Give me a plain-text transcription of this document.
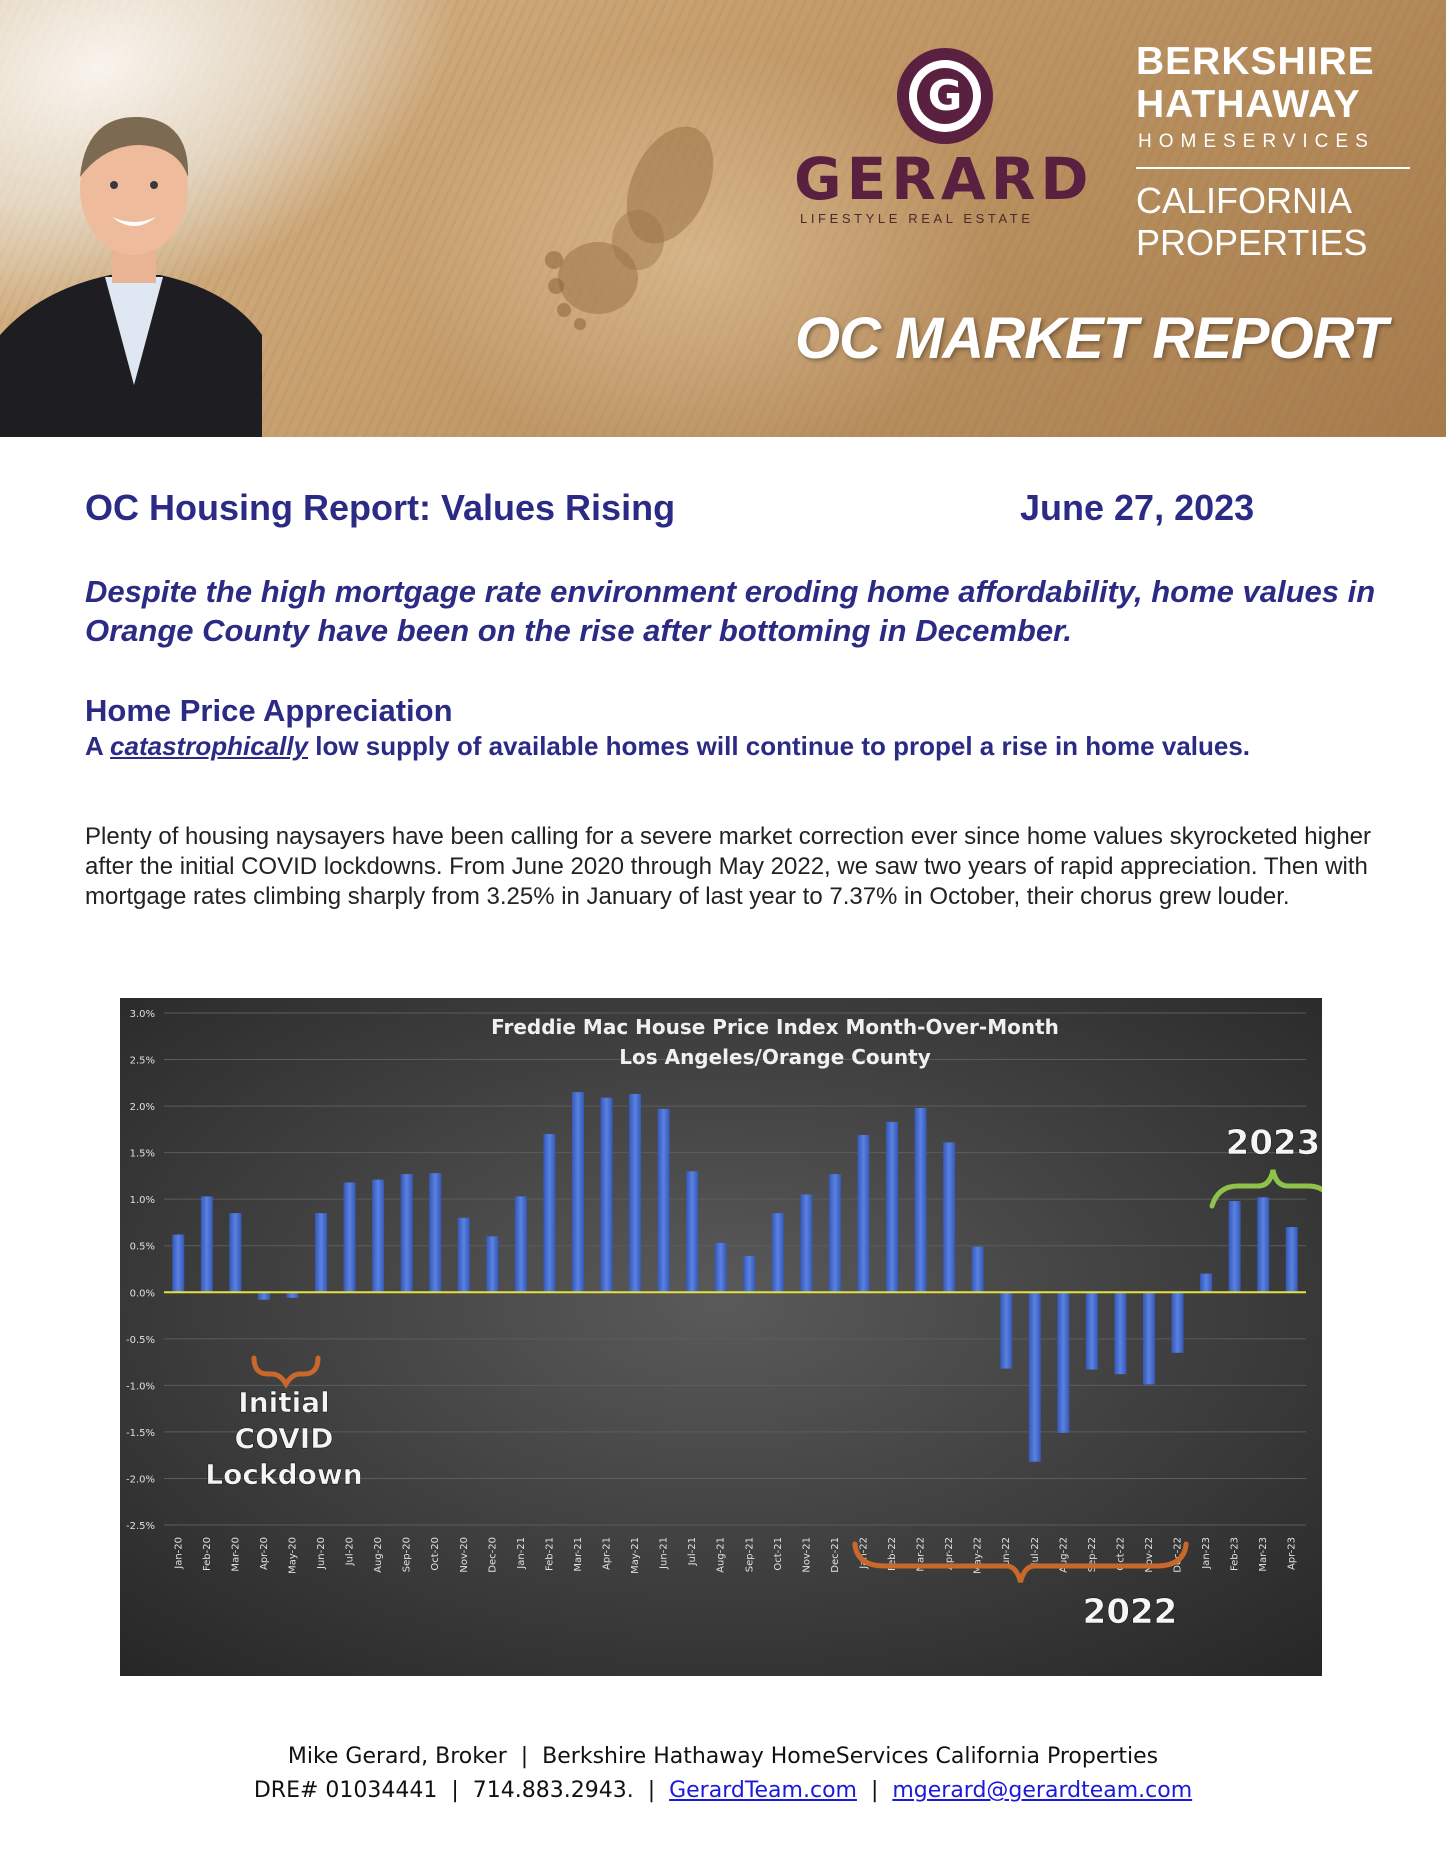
G
GERARD
LIFESTYLE REAL ESTATE
BERKSHIRE
HATHAWAY
HOMESERVICES
CALIFORNIA
PROPERTIES
OC MARKET REPORT
OC Housing Report: Values Rising	June 27, 2023

Despite the high mortgage rate environment eroding home affordability, home values in Orange County have been on the rise after bottoming in December.

Home Price Appreciation
A catastrophically low supply of available homes will continue to propel a rise in home values.

Plenty of housing naysayers have been calling for a severe market correction ever since home values skyrocketed higher after the initial COVID lockdowns. From June 2020 through May 2022, we saw two years of rapid appreciation. Then with mortgage rates climbing sharply from 3.25% in January of last year to 7.37% in October, their chorus grew louder.

3.0%
2.5%
2.0%
1.5%
1.0%
0.5%
0.0%
-0.5%
-1.0%
-1.5%
-2.0%
-2.5%
Jan-20 Feb-20 Mar-20 Apr-20 May-20 Jun-20 Jul-20 Aug-20 Sep-20 Oct-20 Nov-20 Dec-20 Jan-21 Feb-21 Mar-21 Apr-21 May-21 Jun-21 Jul-21 Aug-21 Sep-21 Oct-21 Nov-21 Dec-21 Jan-22 Feb-22 Mar-22 Apr-22 May-22 Jun-22 Jul-22 Aug-22 Sep-22 Oct-22 Nov-22 Dec-22 Jan-23 Feb-23 Mar-23 Apr-23
Freddie Mac House Price Index Month-Over-Month
Los Angeles/Orange County
Initial COVID Lockdown
2022
2023
Mike Gerard, Broker  |  Berkshire Hathaway HomeServices California Properties
DRE# 01034441  |  714.883.2943.  |  GerardTeam.com  |  mgerard@gerardteam.com
